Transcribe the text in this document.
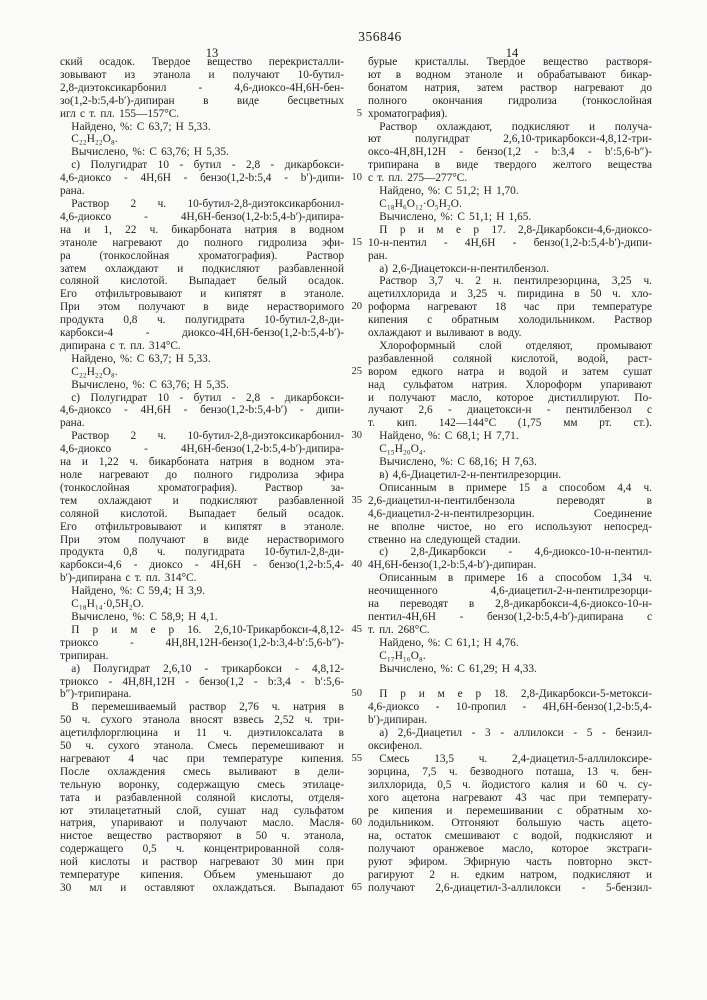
356846
13	14
ский осадок. Твердое вещество перекристалли-
зовывают из этанола и получают 10-бутил-
2,8-диэтоксикарбонил - 4,6-диоксо-4Н,6Н-бен-
зо(1,2-b:5,4-b′)-дипиран в виде бесцветных
игл с т. пл. 155—157°С.
 Найдено, %: С 63,7; Н 5,33.
 C₂₂H₂₂O₈.
 Вычислено, %: С 63,76; Н 5,35.
 с) Полугидрат 10 - бутил - 2,8 - дикарбокси-
4,6-диоксо - 4Н,6Н - бензо(1,2-b:5,4 - b′)-дипи-
рана.
 Раствор 2 ч. 10-бутил-2,8-диэтоксикарбонил-
4,6-диоксо - 4Н,6Н-бензо(1,2-b:5,4-b′)-дипира-
на и 1, 22 ч. бикарбоната натрия в водном
этаноле нагревают до полного гидролиза эфи-
ра (тонкослойная хроматография). Раствор
затем охлаждают и подкисляют разбавленной
соляной кислотой. Выпадает белый осадок.
Его отфильтровывают и кипятят в этаноле.
При этом получают в виде нерастворимого
продукта 0,8 ч. полугидрата 10-бутил-2,8-ди-
карбокси-4 - диоксо-4Н,6Н-бензо(1,2-b:5,4-b′)-
дипирана с т. пл. 314°С.
 Найдено, %: С 63,7; Н 5,33.
 C₂₂H₂₂O₈.
 Вычислено, %: С 63,76; Н 5,35.
 с) Полугидрат 10 - бутил - 2,8 - дикарбокси-
4,6-диоксо - 4Н,6Н - бензо(1,2-b:5,4-b′) - дипи-
рана.
 Раствор 2 ч. 10-бутил-2,8-диэтоксикарбонил-
4,6-диоксо - 4Н,6Н-бензо(1,2-b:5,4-b′)-дипира-
на и 1,22 ч. бикарбоната натрия в водном эта-
ноле нагревают до полного гидролиза эфира
(тонкослойная хроматография). Раствор за-
тем охлаждают и подкисляют разбавленной
соляной кислотой. Выпадает белый осадок.
Его отфильтровывают и кипятят в этаноле.
При этом получают в виде нерастворимого
продукта 0,8 ч. полугидрата 10-бутил-2,8-ди-
карбокси-4,6 - диоксо - 4Н,6Н - бензо(1,2-b:5,4-
b′)-дипирана с т. пл. 314°С.
 Найдено, %: С 59,4; Н 3,9.
 C₁₈H₁₄·0,5H₂O.
 Вычислено, %: С 58,9; Н 4,1.
 П р и м е р 16. 2,6,10-Трикарбокси-4,8,12-
триоксо - 4Н,8Н,12Н-бензо(1,2-b:3,4-b′:5,6-b″)-
трипиран.
 а) Полугидрат 2,6,10 - трикарбокси - 4,8,12-
триоксо - 4Н,8Н,12Н - бензо(1,2 - b:3,4 - b′:5,6-
b″)-трипирана.
 В перемешиваемый раствор 2,76 ч. натрия в
50 ч. сухого этанола вносят взвесь 2,52 ч. три-
ацетилфлорглюцина и 11 ч. диэтилоксалата в
50 ч. сухого этанола. Смесь перемешивают и
нагревают 4 час при температуре кипения.
После охлаждения смесь выливают в дели-
тельную воронку, содержащую смесь этилаце-
тата и разбавленной соляной кислоты, отделя-
ют этилацетатный слой, сушат над сульфатом
натрия, упаривают и получают масло. Масля-
нистое вещество растворяют в 50 ч. этанола,
содержащего 0,5 ч. концентрированной соля-
ной кислоты и раствор нагревают 30 мин при
температуре кипения. Объем уменьшают до
30 мл и оставляют охлаждаться. Выпадают
бурые кристаллы. Твердое вещество растворя-
ют в водном этаноле и обрабатывают бикар-
бонатом натрия, затем раствор нагревают до
полного окончания гидролиза (тонкослойная
хроматография).
 Раствор охлаждают, подкисляют и получа-
ют полугидрат 2,6,10-трикарбокси-4,8,12-три-
оксо-4Н,8Н,12Н - бензо(1,2 - b:3,4 - b′:5,6-b″)-
трипирана в виде твердого желтого вещества
с т. пл. 275—277°С.
 Найдено, %: С 51,2; Н 1,70.
 C₁₈H₆O₁₂·O₅H₂O.
 Вычислено, %: С 51,1; Н 1,65.
 П р и м е р 17. 2,8-Дикарбокси-4,6-диоксо-
10-н-пентил - 4Н,6Н - бензо(1,2-b:5,4-b′)-дипи-
ран.
 а) 2,6-Диацетокси-н-пентилбензол.
 Раствор 3,7 ч. 2 н. пентилрезорцина, 3,25 ч.
ацетилхлорида и 3,25 ч. пиридина в 50 ч. хло-
роформа нагревают 18 час при температуре
кипения с обратным холодильником. Раствор
охлаждают и выливают в воду.
 Хлороформный слой отделяют, промывают
разбавленной соляной кислотой, водой, раст-
вором едкого натра и водой и затем сушат
над сульфатом натрия. Хлороформ упаривают
и получают масло, которое дистиллируют. По-
лучают 2,6 - диацетокси-н - пентилбензол с
т. кип. 142—144°С (1,75 мм рт. ст.).
 Найдено, %: С 68,1; Н 7,71.
 C₁₅H₂₀O₄.
 Вычислено, %: С 68,16; Н 7,63.
 в) 4,6-Диацетил-2-н-пентилрезорцин.
 Описанным в примере 15 а способом 4,4 ч.
2,6-диацетил-н-пентилбензола переводят в
4,6-диацетил-2-н-пентилрезорцин. Соединение
не вполне чистое, но его используют непосред-
ственно на следующей стадии.
 с) 2,8-Дикарбокси - 4,6-диоксо-10-н-пентил-
4Н,6Н-бензо(1,2-b:5,4-b′)-дипиран.
 Описанным в примере 16 а способом 1,34 ч.
неочищенного 4,6-диацетил-2-н-пентилрезорци-
на переводят в 2,8-дикарбокси-4,6-диоксо-10-н-
пентил-4Н,6Н - бензо(1,2-b:5,4-b′)-дипирана с
т. пл. 268°С.
 Найдено, %: С 61,1; Н 4,76.
 C₁₇H₁₆O₈.
 Вычислено, %: С 61,29; Н 4,33.
 П р и м е р 18. 2,8-Дикарбокси-5-метокси-
4,6-диоксо - 10-пропил - 4Н,6Н-бензо(1,2-b:5,4-
b′)-дипиран.
 а) 2,6-Диацетил - 3 - аллилокси - 5 - бензил-
оксифенол.
 Смесь 13,5 ч. 2,4-диацетил-5-аллилоксире-
зорцина, 7,5 ч. безводного поташа, 13 ч. бен-
зилхлорида, 0,5 ч. йодистого калия и 60 ч. су-
хого ацетона нагревают 43 час при температу-
ре кипения и перемешивании с обратным хо-
лодильником. Отгоняют большую часть ацето-
на, остаток смешивают с водой, подкисляют и
получают оранжевое масло, которое экстраги-
руют эфиром. Эфирную часть повторно экст-
рагируют 2 н. едким натром, подкисляют и
получают 2,6-диацетил-3-аллилокси - 5-бензил-
5
10
15
20
25
30
35
40
45
50
55
60
65
